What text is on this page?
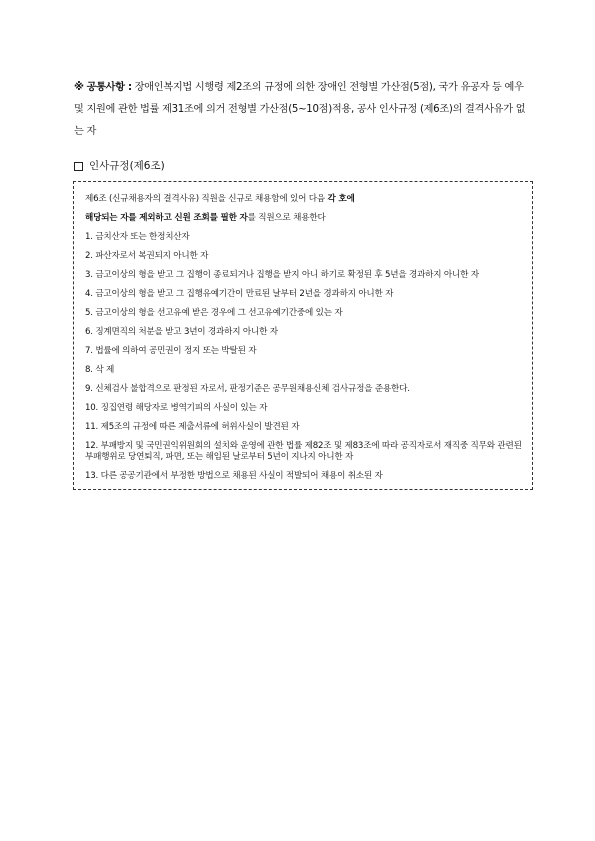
※ 공통사항 : 장애인복지법 시행령 제2조의 규정에 의한 장애인 전형별 가산점(5점), 국가 유공자 등 예우 및 지원에 관한 법률 제31조에 의거 전형별 가산점(5~10점)적용, 공사 인사규정 (제6조)의 결격사유가 없는 자
인사규정(제6조)
제6조 (신규채용자의 결격사유) 직원을 신규로 채용함에 있어 다음 각 호에
해당되는 자를 제외하고 신원 조회를 필한 자를 직원으로 채용한다
1. 금치산자 또는 한정치산자
2. 파산자로서 복권되지 아니한 자
3. 금고이상의 형을 받고 그 집행이 종료되거나 집행을 받지 아니 하기로 확정된 후 5년을 경과하지 아니한 자
4. 금고이상의 형을 받고 그 집행유예기간이 만료된 날부터 2년을 경과하지 아니한 자
5. 금고이상의 형을 선고유예 받은 경우에 그 선고유예기간중에 있는 자
6. 징계면직의 처분을 받고 3년이 경과하지 아니한 자
7. 법률에 의하여 공민권이 정지 또는 박탈된 자
8. 삭 제
9. 신체검사 불합격으로 판정된 자로서, 판정기준은 공무원채용신체 검사규정을 준용한다.
10. 징집연령 해당자로 병역기피의 사실이 있는 자
11. 제5조의 규정에 따른 제출서류에 허위사실이 발견된 자
12. 부패방지 및 국민권익위원회의 설치와 운영에 관한 법률 제82조 및 제83조에 따라 공직자로서 재직중 직무와 관련된 부패행위로 당연퇴직, 파면, 또는 해임된 날로부터 5년이 지나지 아니한 자
13. 다른 공공기관에서 부정한 방법으로 채용된 사실이 적발되어 채용이 취소된 자
